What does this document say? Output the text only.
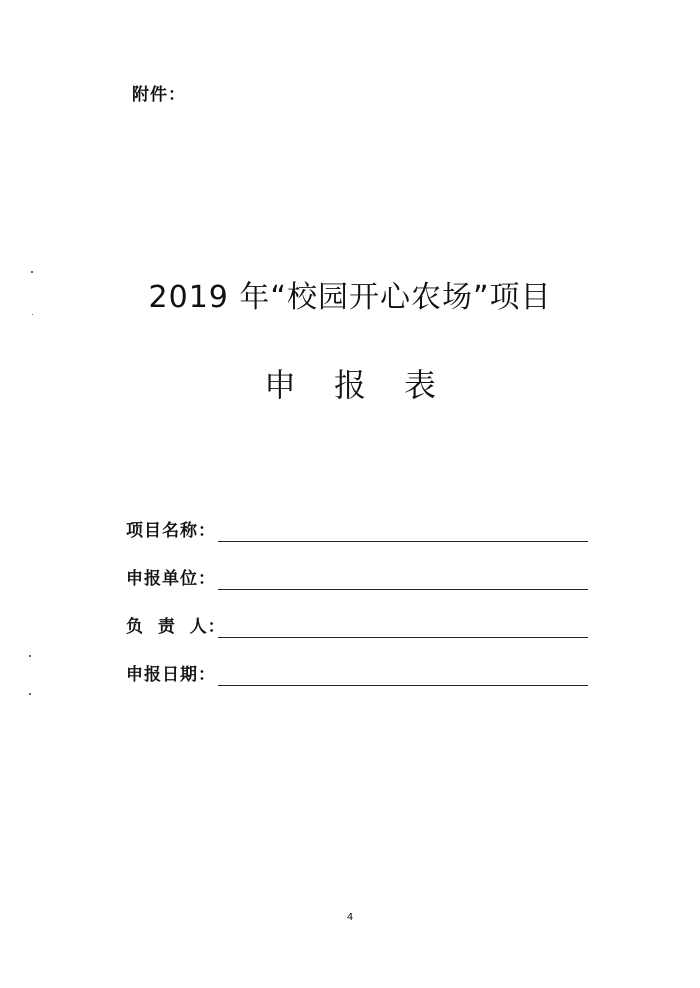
附件：
2019 年“校园开心农场”项目
申报表
项目名称：
申报单位：
负  责  人：
申报日期：
4
